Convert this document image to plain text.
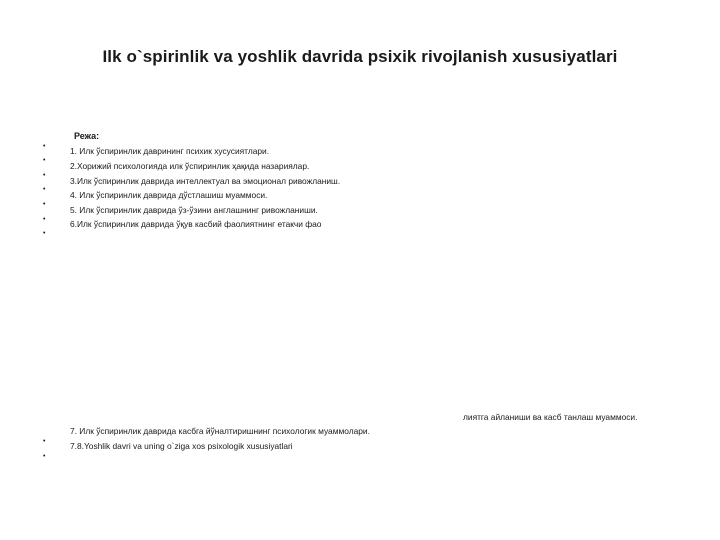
Ilk o`spirinlik va yoshlik davrida psixik rivojlanish xususiyatlari
Режа:
•
•
•
•
•
•
•
1. Илк ўспиринлик даврининг психик хусусиятлари.
2.Хорижий психологияда илк ўспиринлик ҳақида назариялар.
3.Илк ўспиринлик даврида интеллектуал ва эмоционал ривожланиш.
4. Илк ўспиринлик даврида дўстлашиш муаммоси.
5. Илк ўспиринлик даврида ўз-ўзини англашнинг ривожланиши.
6.Илк ўспиринлик даврида ўқув касбий фаолиятнинг етакчи фао
лиятга айланиши ва касб танлаш муаммоси.
7. Илк ўспиринлик даврида касбга йўналтиришнинг психологик муаммолари.
7.8.Yoshlik davri va uning o`ziga xos psixologik xususiyatlari
•
•
